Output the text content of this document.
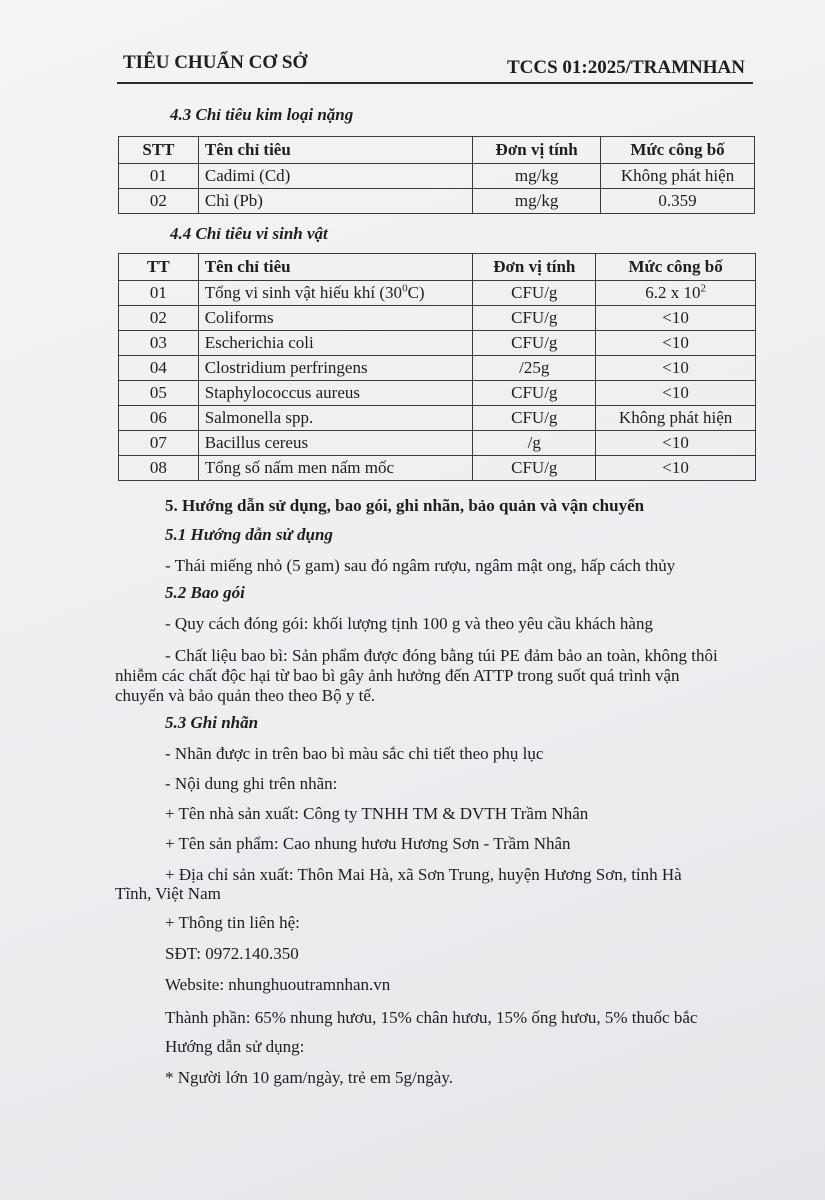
TIÊU CHUẨN CƠ SỞ	TCCS 01:2025/TRAMNHAN
4.3 Chỉ tiêu kim loại nặng
STT	Tên chỉ tiêu	Đơn vị tính	Mức công bố
01	Cadimi (Cd)	mg/kg	Không phát hiện
02	Chì (Pb)	mg/kg	0.359
4.4 Chỉ tiêu vi sinh vật
TT	Tên chỉ tiêu	Đơn vị tính	Mức công bố
01	Tổng vi sinh vật hiếu khí $(30^0C)$	CFU/g	6.2 x $10^2$
02	Coliforms	CFU/g	<10
03	Escherichia coli	CFU/g	<10
04	Clostridium perfringens	/25g	<10
05	Staphylococcus aureus	CFU/g	<10
06	Salmonella spp.	CFU/g	Không phát hiện
07	Bacillus cereus	/g	<10
08	Tổng số nấm men nấm mốc	CFU/g	<10
5. Hướng dẫn sử dụng, bao gói, ghi nhãn, bảo quản và vận chuyển
5.1 Hướng dẫn sử dụng
- Thái miếng nhỏ (5 gam) sau đó ngâm rượu, ngâm mật ong, hấp cách thủy
5.2 Bao gói
- Quy cách đóng gói: khối lượng tịnh 100 g và theo yêu cầu khách hàng
- Chất liệu bao bì: Sản phẩm được đóng bằng túi PE đảm bảo an toàn, không thôi
nhiễm các chất độc hại từ bao bì gây ảnh hưởng đến ATTP trong suốt quá trình vận
chuyển và bảo quản theo theo Bộ y tế.
5.3 Ghi nhãn
- Nhãn được in trên bao bì màu sắc chi tiết theo phụ lục
- Nội dung ghi trên nhãn:
+ Tên nhà sản xuất: Công ty TNHH TM & DVTH Trầm Nhân
+ Tên sản phẩm: Cao nhung hươu Hương Sơn - Trầm Nhân
+ Địa chỉ sản xuất: Thôn Mai Hà, xã Sơn Trung, huyện Hương Sơn, tỉnh Hà
Tĩnh, Việt Nam
+ Thông tin liên hệ:
SĐT: 0972.140.350
Website: nhunghuoutramnhan.vn
Thành phần: 65% nhung hươu, 15% chân hươu, 15% ống hươu, 5% thuốc bắc
Hướng dẫn sử dụng:
* Người lớn 10 gam/ngày, trẻ em 5g/ngày.
